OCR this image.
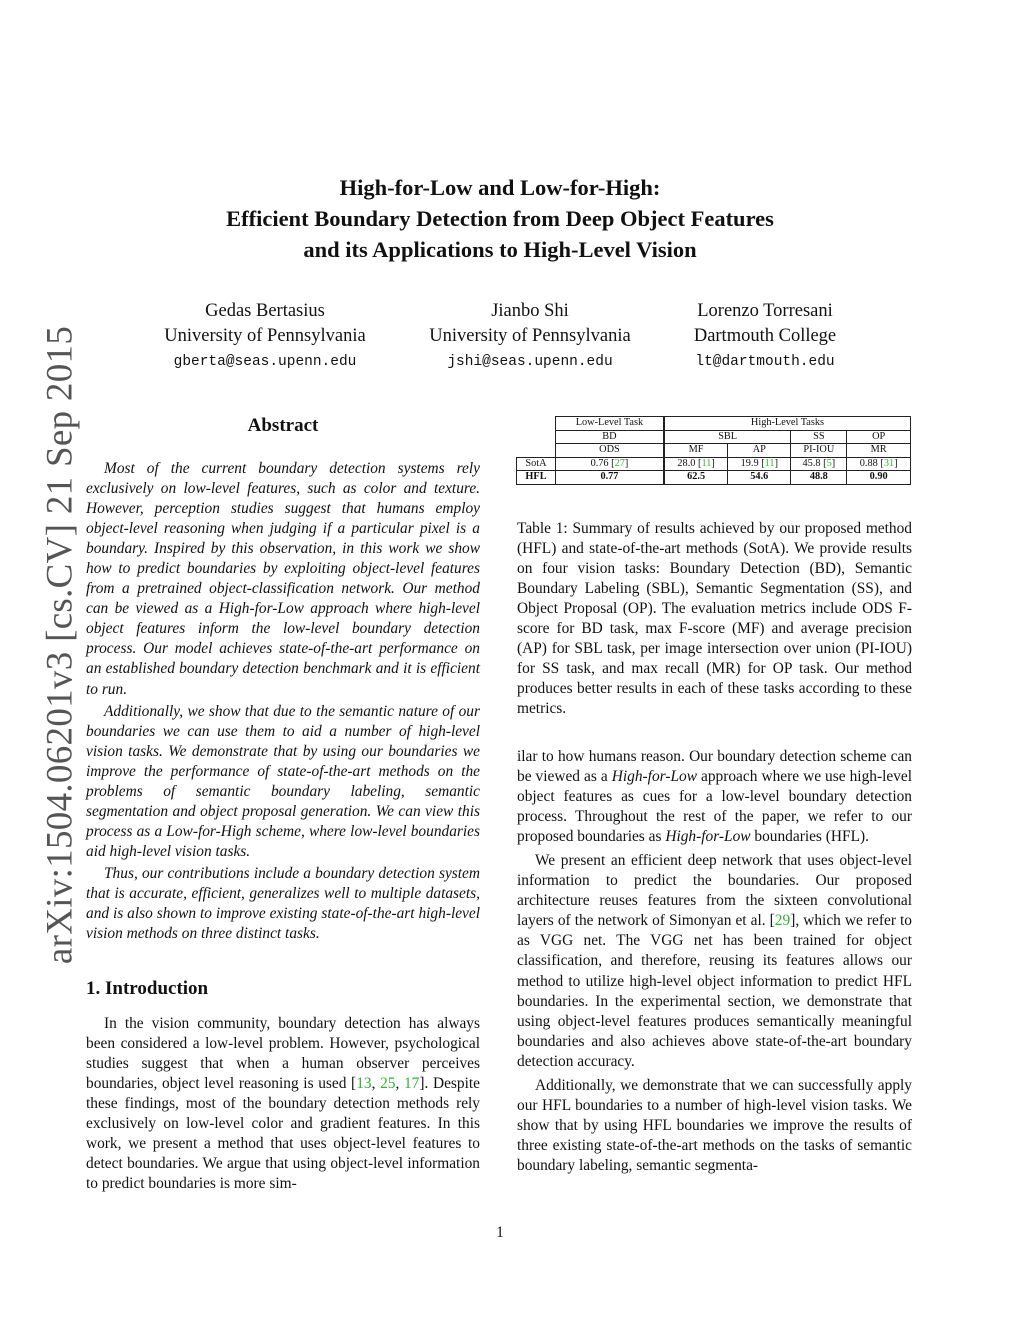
arXiv:1504.06201v3 [cs.CV] 21 Sep 2015
High-for-Low and Low-for-High:
Efficient Boundary Detection from Deep Object Features
and its Applications to High-Level Vision
Gedas Bertasius
University of Pennsylvania
gberta@seas.upenn.edu
Jianbo Shi
University of Pennsylvania
jshi@seas.upenn.edu
Lorenzo Torresani
Dartmouth College
lt@dartmouth.edu
Abstract

Most of the current boundary detection systems rely exclusively on low-level features, such as color and texture. However, perception studies suggest that humans employ object-level reasoning when judging if a particular pixel is a boundary. Inspired by this observation, in this work we show how to predict boundaries by exploiting object-level features from a pretrained object-classification network. Our method can be viewed as a High-for-Low approach where high-level object features inform the low-level boundary detection process. Our model achieves state-of-the-art performance on an established boundary detection benchmark and it is efficient to run.

Additionally, we show that due to the semantic nature of our boundaries we can use them to aid a number of high-level vision tasks. We demonstrate that by using our boundaries we improve the performance of state-of-the-art methods on the problems of semantic boundary labeling, semantic segmentation and object proposal generation. We can view this process as a Low-for-High scheme, where low-level boundaries aid high-level vision tasks.

Thus, our contributions include a boundary detection system that is accurate, efficient, generalizes well to multiple datasets, and is also shown to improve existing state-of-the-art high-level vision methods on three distinct tasks.

1. Introduction

In the vision community, boundary detection has always been considered a low-level problem. However, psychological studies suggest that when a human observer perceives boundaries, object level reasoning is used [13, 25, 17]. Despite these findings, most of the boundary detection methods rely exclusively on low-level color and gradient features. In this work, we present a method that uses object-level features to detect boundaries. We argue that using object-level information to predict boundaries is more sim-

	Low-Level Task	High-Level Tasks			
	BD	SBL		SS	OP
	ODS	MF	AP	PI-IOU	MR
SotA	0.76 [27]	28.0 [11]	19.9 [11]	45.8 [5]	0.88 [31]
HFL	0.77	62.5	54.6	48.8	0.90
Table 1: Summary of results achieved by our proposed method (HFL) and state-of-the-art methods (SotA). We provide results on four vision tasks: Boundary Detection (BD), Semantic Boundary Labeling (SBL), Semantic Segmentation (SS), and Object Proposal (OP). The evaluation metrics include ODS F-score for BD task, max F-score (MF) and average precision (AP) for SBL task, per image intersection over union (PI-IOU) for SS task, and max recall (MR) for OP task. Our method produces better results in each of these tasks according to these metrics.

ilar to how humans reason. Our boundary detection scheme can be viewed as a High-for-Low approach where we use high-level object features as cues for a low-level boundary detection process. Throughout the rest of the paper, we refer to our proposed boundaries as High-for-Low boundaries (HFL).

We present an efficient deep network that uses object-level information to predict the boundaries. Our proposed architecture reuses features from the sixteen convolutional layers of the network of Simonyan et al. [29], which we refer to as VGG net. The VGG net has been trained for object classification, and therefore, reusing its features allows our method to utilize high-level object information to predict HFL boundaries. In the experimental section, we demonstrate that using object-level features produces semantically meaningful boundaries and also achieves above state-of-the-art boundary detection accuracy.

Additionally, we demonstrate that we can successfully apply our HFL boundaries to a number of high-level vision tasks. We show that by using HFL boundaries we improve the results of three existing state-of-the-art methods on the tasks of semantic boundary labeling, semantic segmenta-

1
